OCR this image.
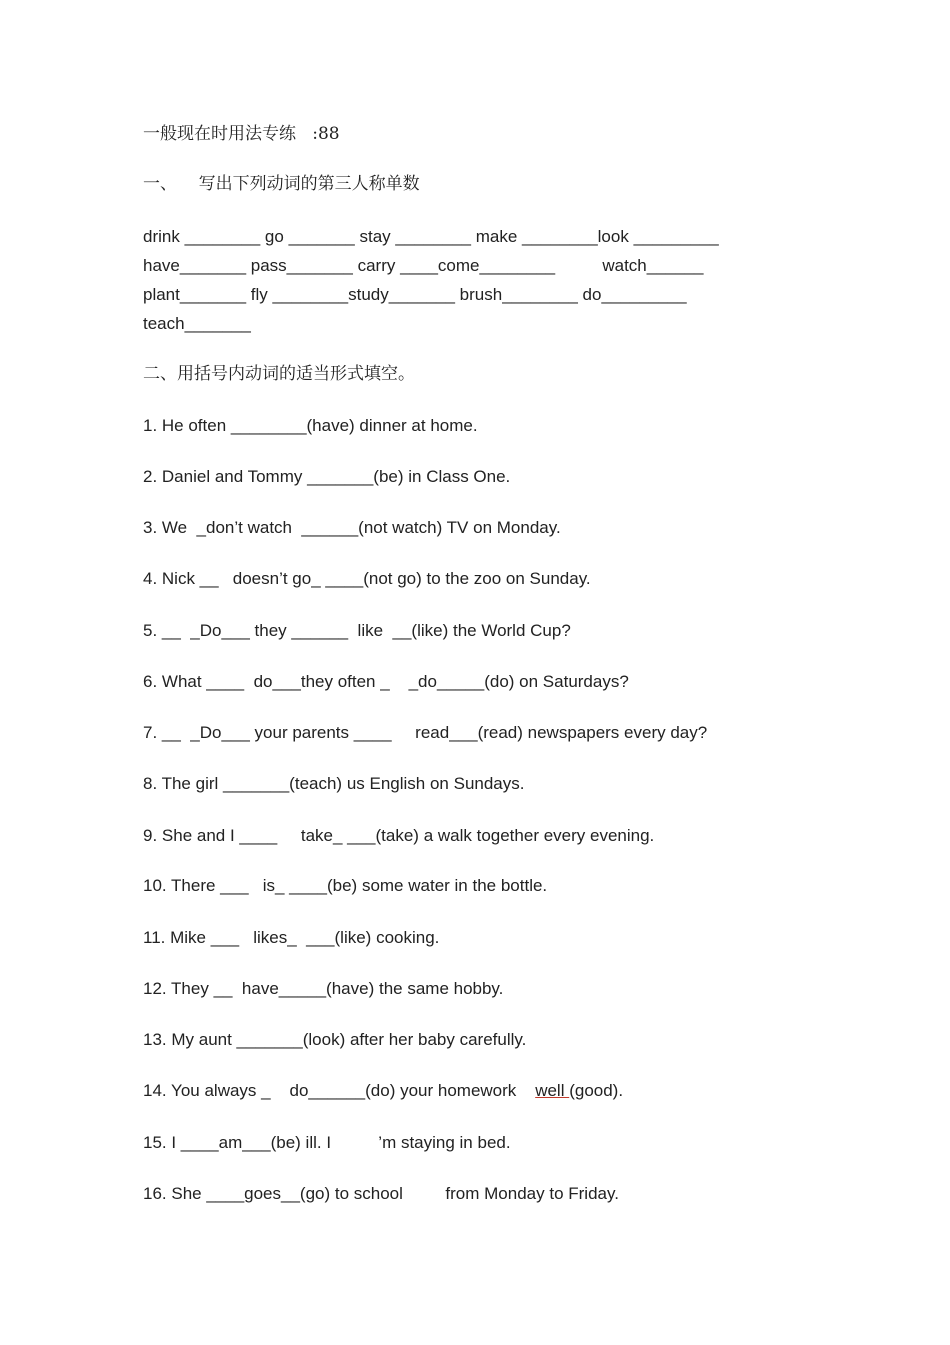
一般现在时用法专练   :88
一、    写出下列动词的第三人称单数
drink ________ go _______ stay ________ make ________look _________
have_______ pass_______ carry ____come________          watch______
plant_______ fly ________study_______ brush________ do_________
teach_______
二、用括号内动词的适当形式填空。
1. He often ________(have) dinner at home.
2. Daniel and Tommy _______(be) in Class One.
3. We  _don’t watch  ______(not watch) TV on Monday.
4. Nick __   doesn’t go_ ____(not go) to the zoo on Sunday.
5. __  _Do___ they ______  like  __(like) the World Cup?
6. What ____  do___they often _    _do_____(do) on Saturdays?
7. __  _Do___ your parents ____     read___(read) newspapers every day?
8. The girl _______(teach) us English on Sundays.
9. She and I ____     take_ ___(take) a walk together every evening.
10. There ___   is_ ____(be) some water in the bottle.
11. Mike ___   likes_  ___(like) cooking.
12. They __  have_____(have) the same hobby.
13. My aunt _______(look) after her baby carefully.
14. You always _    do______(do) your homework    well (good).
15. I ____am___(be) ill. I          ’m staying in bed.
16. She ____goes__(go) to school         from Monday to Friday.
